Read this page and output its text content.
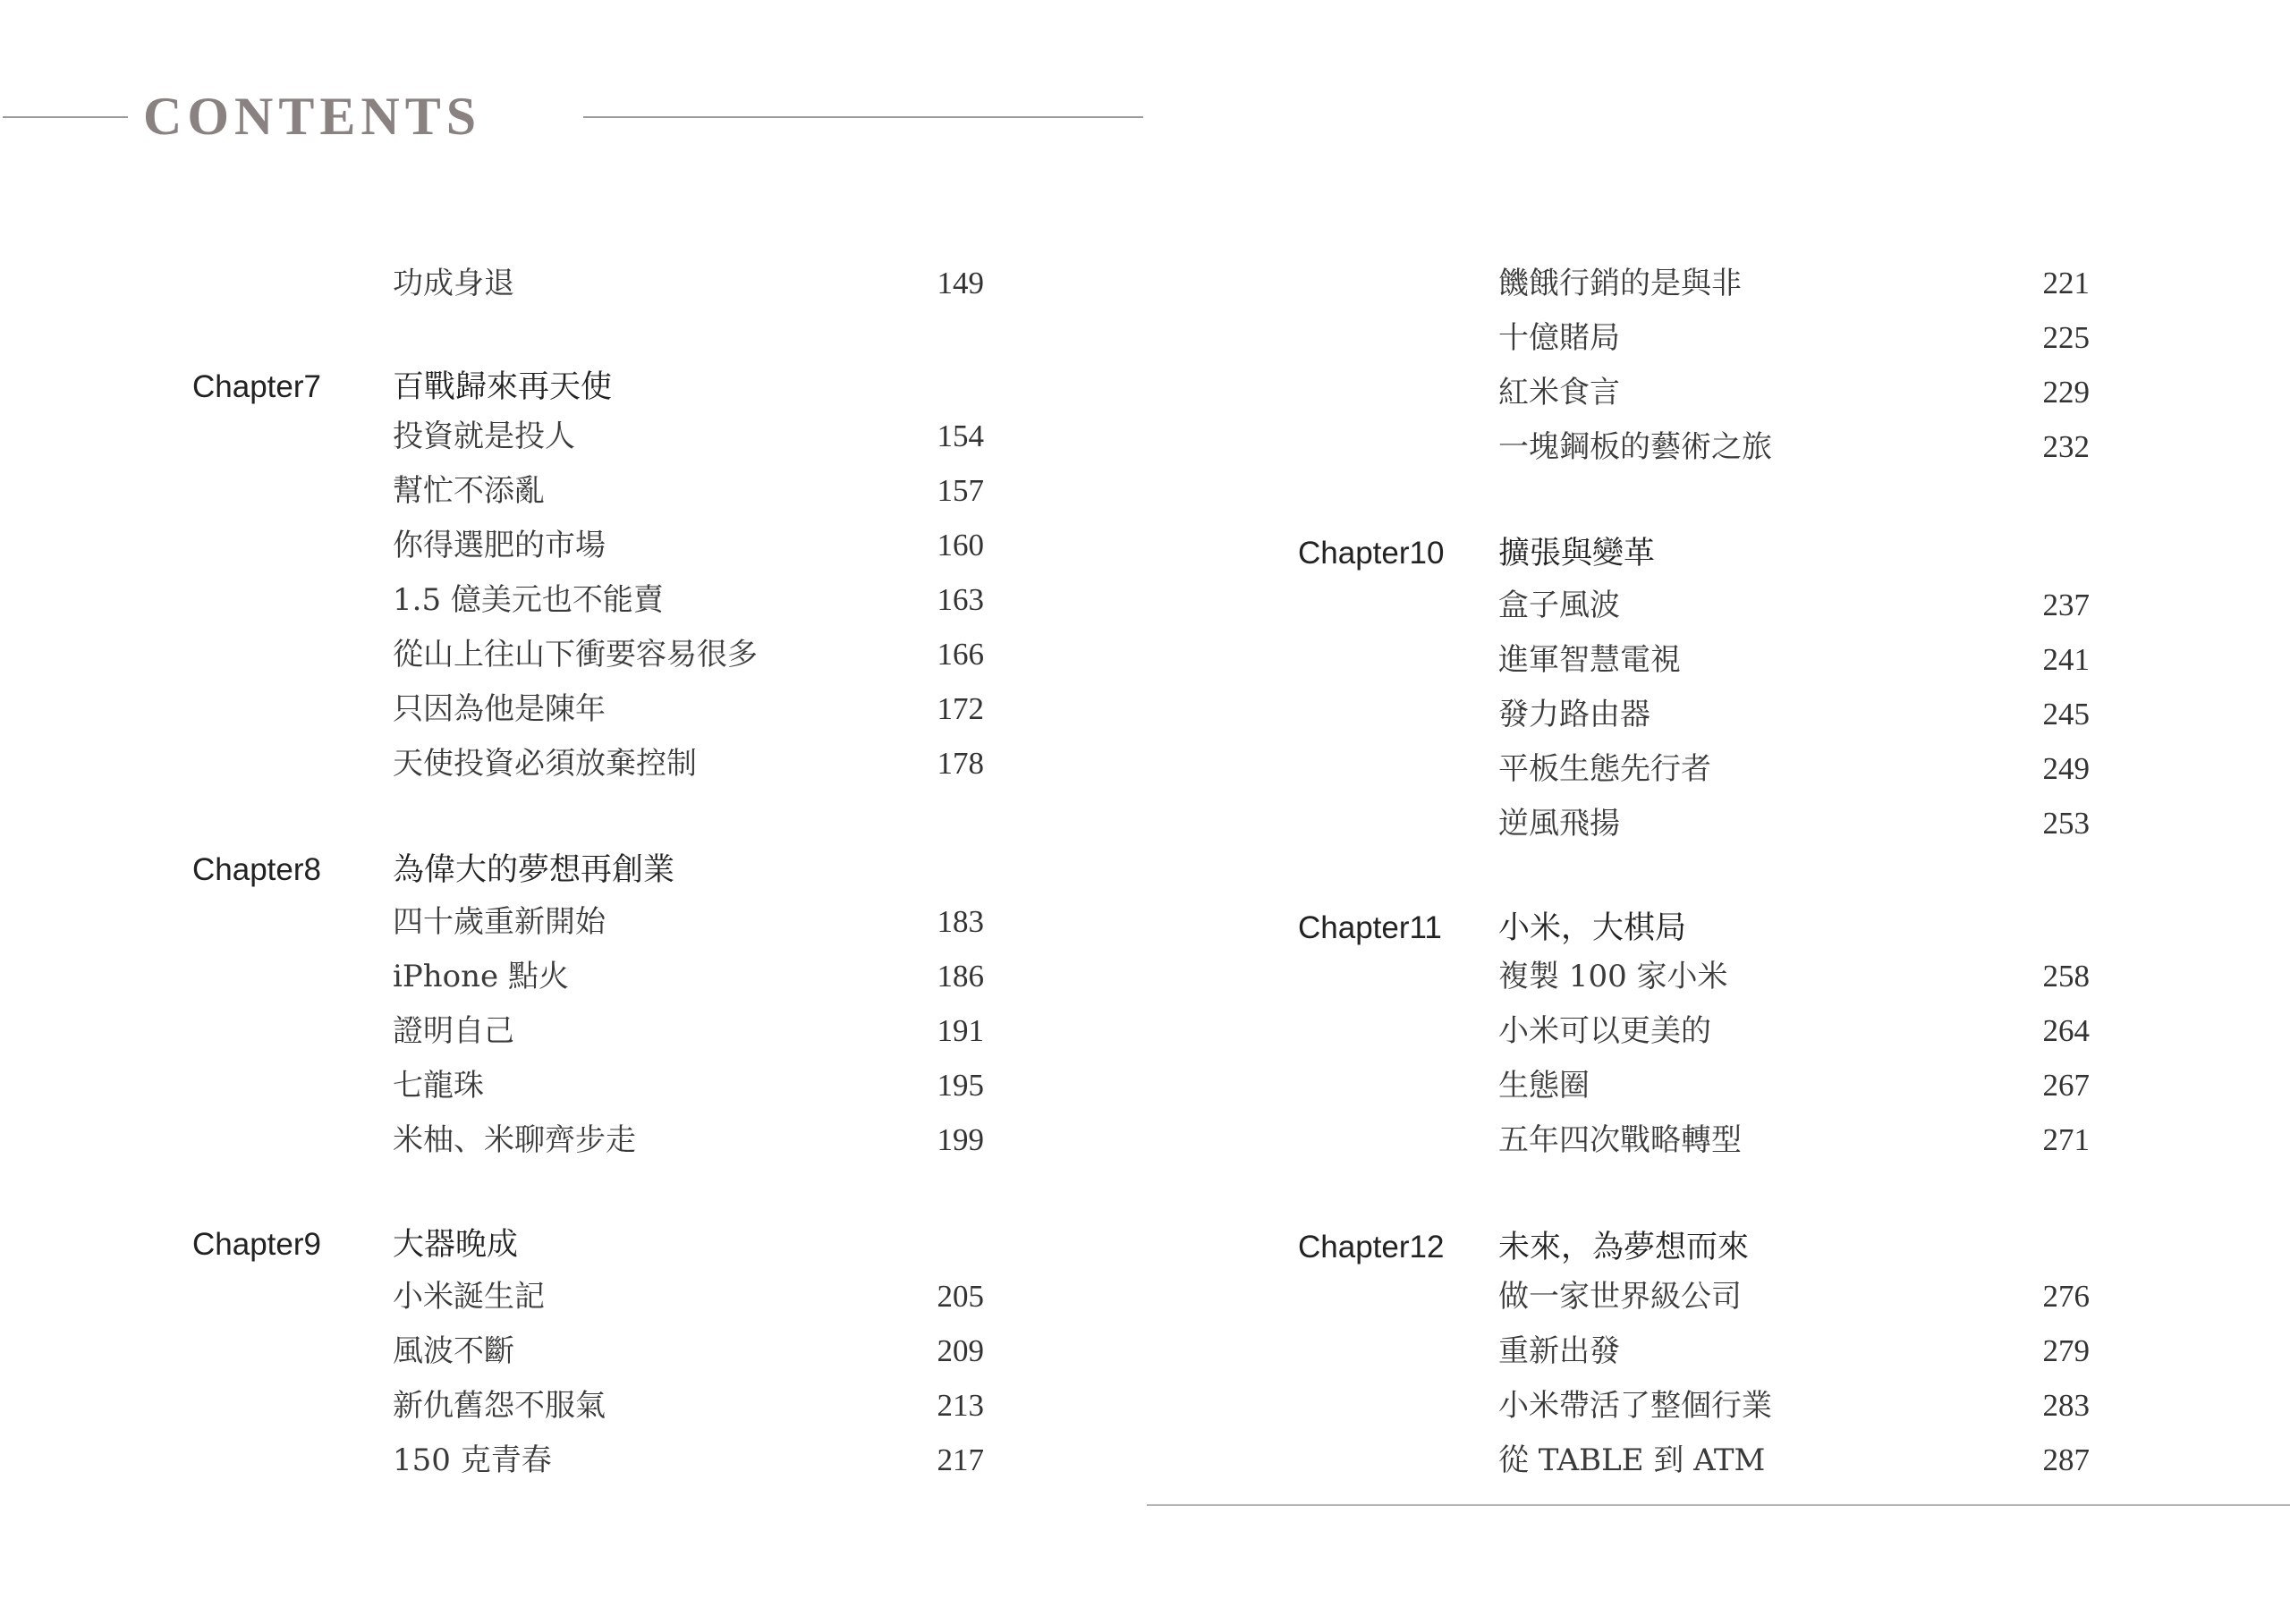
CONTENTS
功成身退	149
Chapter7 百戰歸來再天使
投資就是投人	154
幫忙不添亂	157
你得選肥的市場	160
1.5 億美元也不能賣	163
從山上往山下衝要容易很多	166
只因為他是陳年	172
天使投資必須放棄控制	178
Chapter8 為偉大的夢想再創業
四十歲重新開始	183
iPhone 點火	186
證明自己	191
七龍珠	195
米柚、米聊齊步走	199
Chapter9 大器晚成
小米誕生記	205
風波不斷	209
新仇舊怨不服氣	213
150 克青春	217
饑餓行銷的是與非	221
十億賭局	225
紅米食言	229
一塊鋼板的藝術之旅	232
Chapter10 擴張與變革
盒子風波	237
進軍智慧電視	241
發力路由器	245
平板生態先行者	249
逆風飛揚	253
Chapter11 小米，大棋局
複製 100 家小米	258
小米可以更美的	264
生態圈	267
五年四次戰略轉型	271
Chapter12 未來，為夢想而來
做一家世界級公司	276
重新出發	279
小米帶活了整個行業	283
從 TABLE 到 ATM	287
